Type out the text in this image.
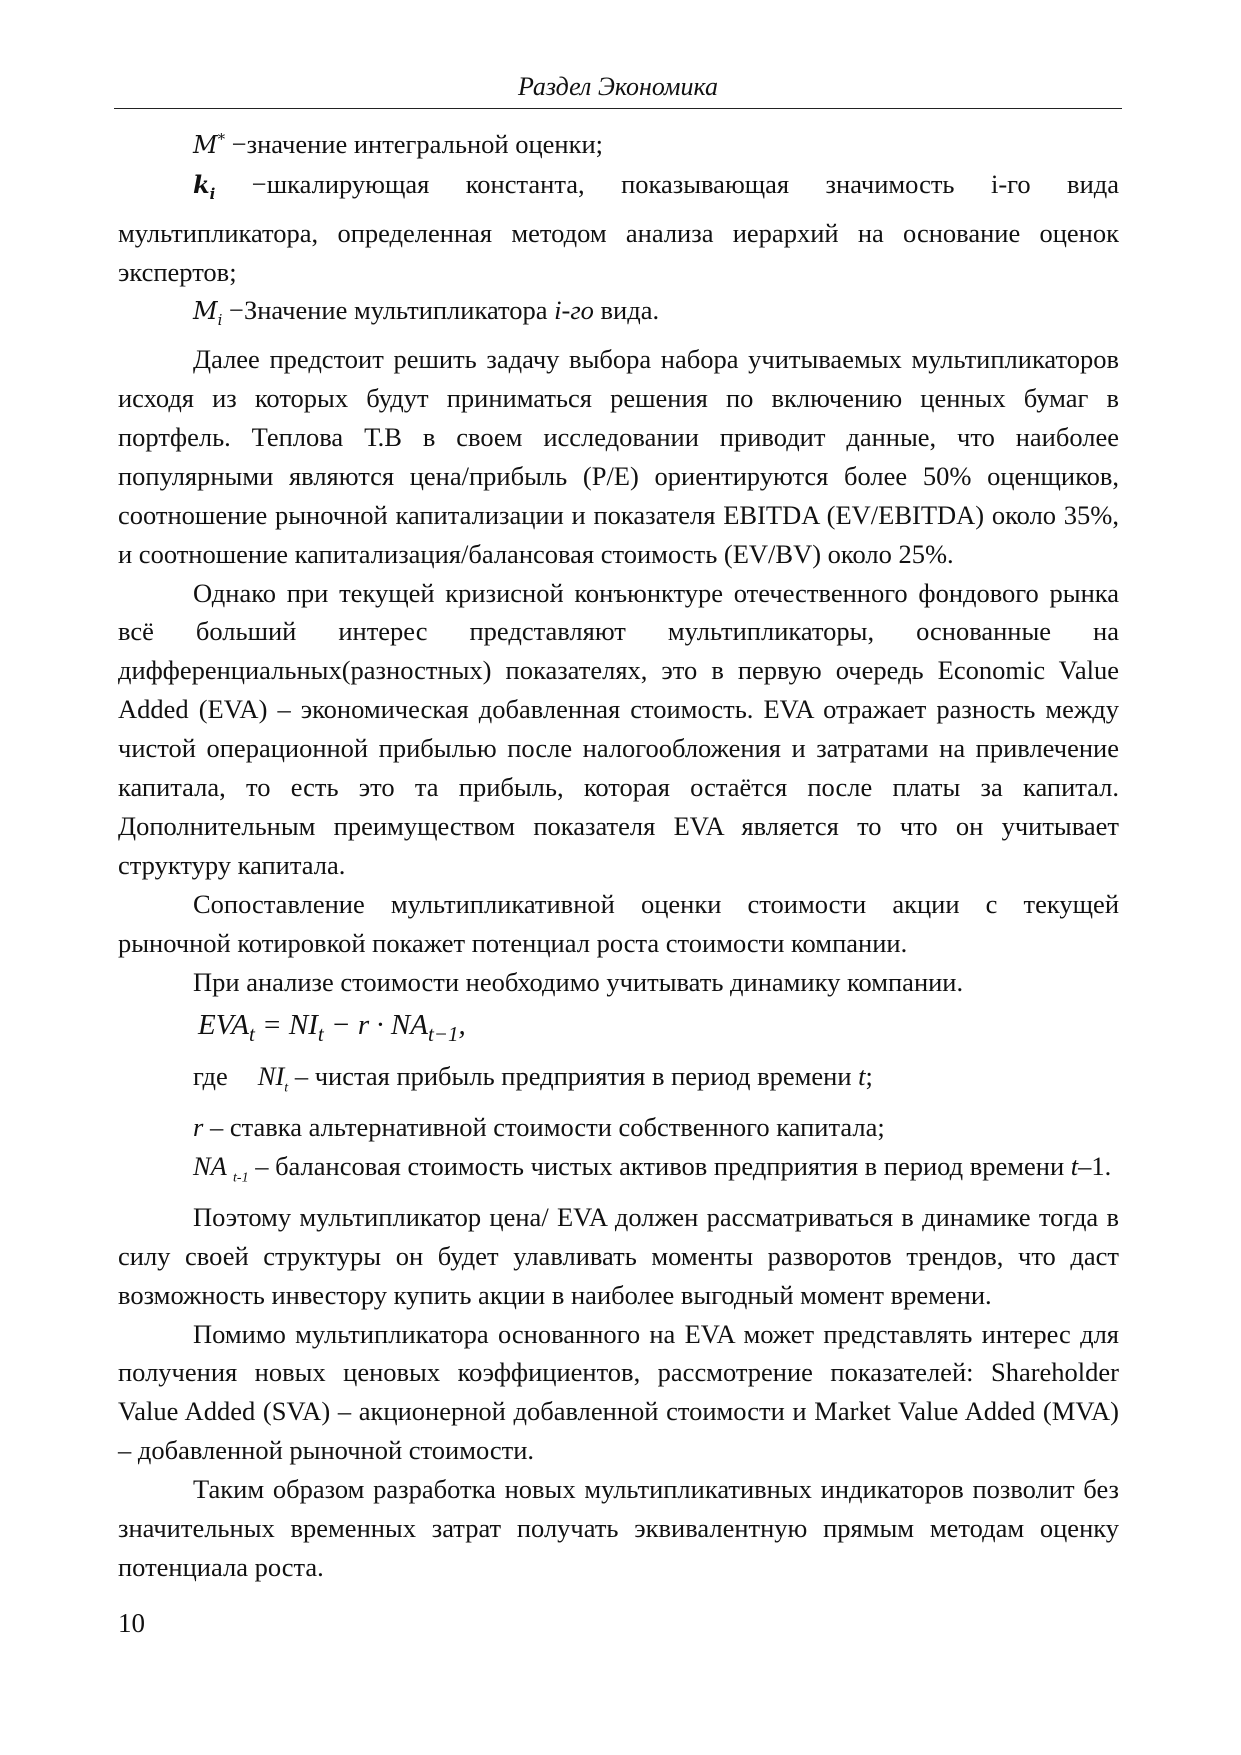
Раздел Экономика

M* −значение интегральной оценки;

$k_i$ −шкалирующая константа, показывающая значимость i-го вида мультипликатора, определенная методом анализа иерархий на основание оценок экспертов;

$M_i$ −Значение мультипликатора i-го вида.

Далее предстоит решить задачу выбора набора учитываемых мультипликаторов исходя из которых будут приниматься решения по включению ценных бумаг в портфель. Теплова Т.В в своем исследовании приводит данные, что наиболее популярными являются цена/прибыль (P/E) ориентируются более 50% оценщиков, соотношение рыночной капитализации и показателя EBITDA (EV/EBITDA) около 35%, и соотношение капитализация/балансовая стоимость (EV/BV) около 25%.

Однако при текущей кризисной конъюнктуре отечественного фондового рынка всё больший интерес представляют мультипликаторы, основанные на дифференциальных(разностных) показателях, это в первую очередь Economic Value Added (EVA) – экономическая добавленная стоимость. EVA отражает разность между чистой операционной прибылью после налогообложения и затратами на привлечение капитала, то есть это та прибыль, которая остаётся после платы за капитал. Дополнительным преимуществом показателя EVA является то что он учитывает структуру капитала.

Сопоставление мультипликативной оценки стоимости акции с текущей рыночной котировкой покажет потенциал роста стоимости компании.

При анализе стоимости необходимо учитывать динамику компании.

$EVA_t = NI_t - r \cdot NA_{t-1}$,

где $NI_t$ – чистая прибыль предприятия в период времени t;

r – ставка альтернативной стоимости собственного капитала;

NA $_{t-1}$ – балансовая стоимость чистых активов предприятия в период времени t–1.

Поэтому мультипликатор цена/ EVA должен рассматриваться в динамике тогда в силу своей структуры он будет улавливать моменты разворотов трендов, что даст возможность инвестору купить акции в наиболее выгодный момент времени.

Помимо мультипликатора основанного на EVA может представлять интерес для получения новых ценовых коэффициентов, рассмотрение показателей: Shareholder Value Added (SVA) – акционерной добавленной стоимости и Market Value Added (MVA) – добавленной рыночной стоимости.

Таким образом разработка новых мультипликативных индикаторов позволит без значительных временных затрат получать эквивалентную прямым методам оценку потенциала роста.

10
